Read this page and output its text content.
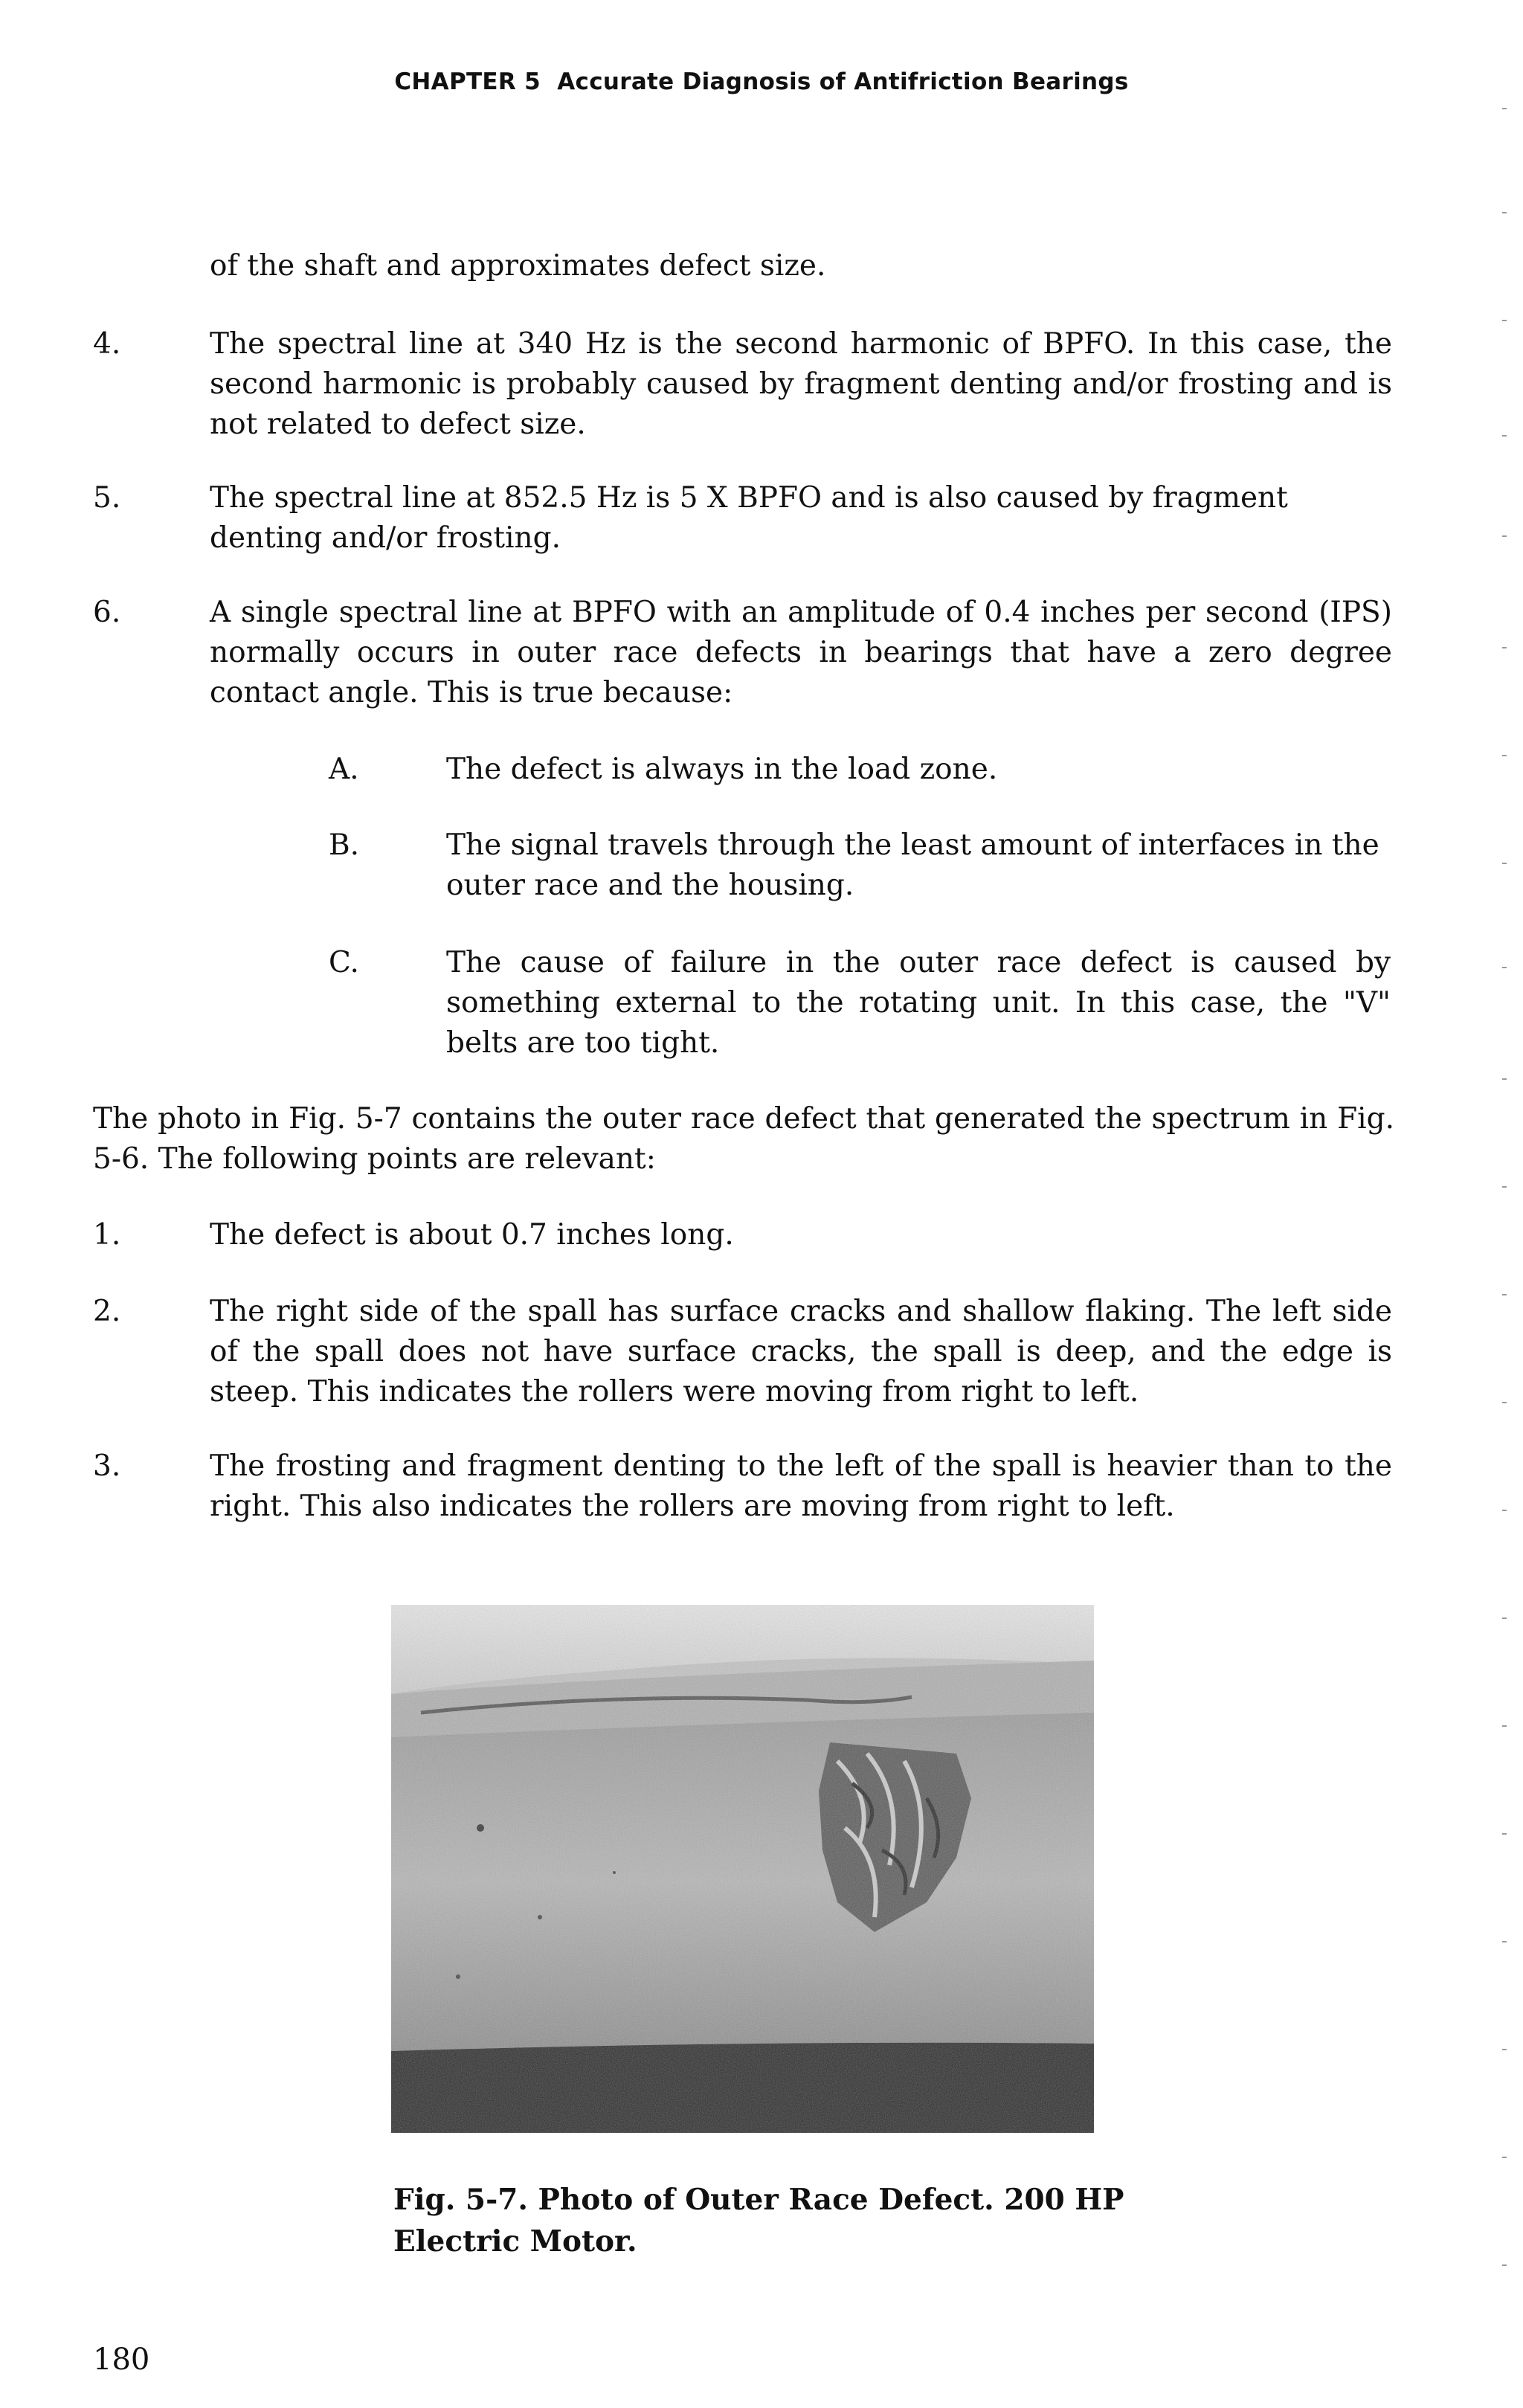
CHAPTER 5 Accurate Diagnosis of Antifriction Bearings
of the shaft and approximates defect size.
4.	The spectral line at 340 Hz is the second harmonic of BPFO. In this case, the second harmonic is probably caused by fragment denting and/or frosting and is not related to defect size.
5.	The spectral line at 852.5 Hz is 5 X BPFO and is also caused by fragment denting and/or frosting.
6.	A single spectral line at BPFO with an amplitude of 0.4 inches per second (IPS) normally occurs in outer race defects in bearings that have a zero degree contact angle. This is true because:
A.	The defect is always in the load zone.
B.	The signal travels through the least amount of interfaces in the outer race and the housing.
C.	The cause of failure in the outer race defect is caused by something external to the rotating unit. In this case, the "V" belts are too tight.
The photo in Fig. 5-7 contains the outer race defect that generated the spectrum in Fig. 5-6. The following points are relevant:
1.	The defect is about 0.7 inches long.
2.	The right side of the spall has surface cracks and shallow flaking. The left side of the spall does not have surface cracks, the spall is deep, and the edge is steep. This indicates the rollers were moving from right to left.
3.	The frosting and fragment denting to the left of the spall is heavier than to the right. This also indicates the rollers are moving from right to left.
Fig. 5-7. Photo of Outer Race Defect. 200 HP Electric Motor.
180
